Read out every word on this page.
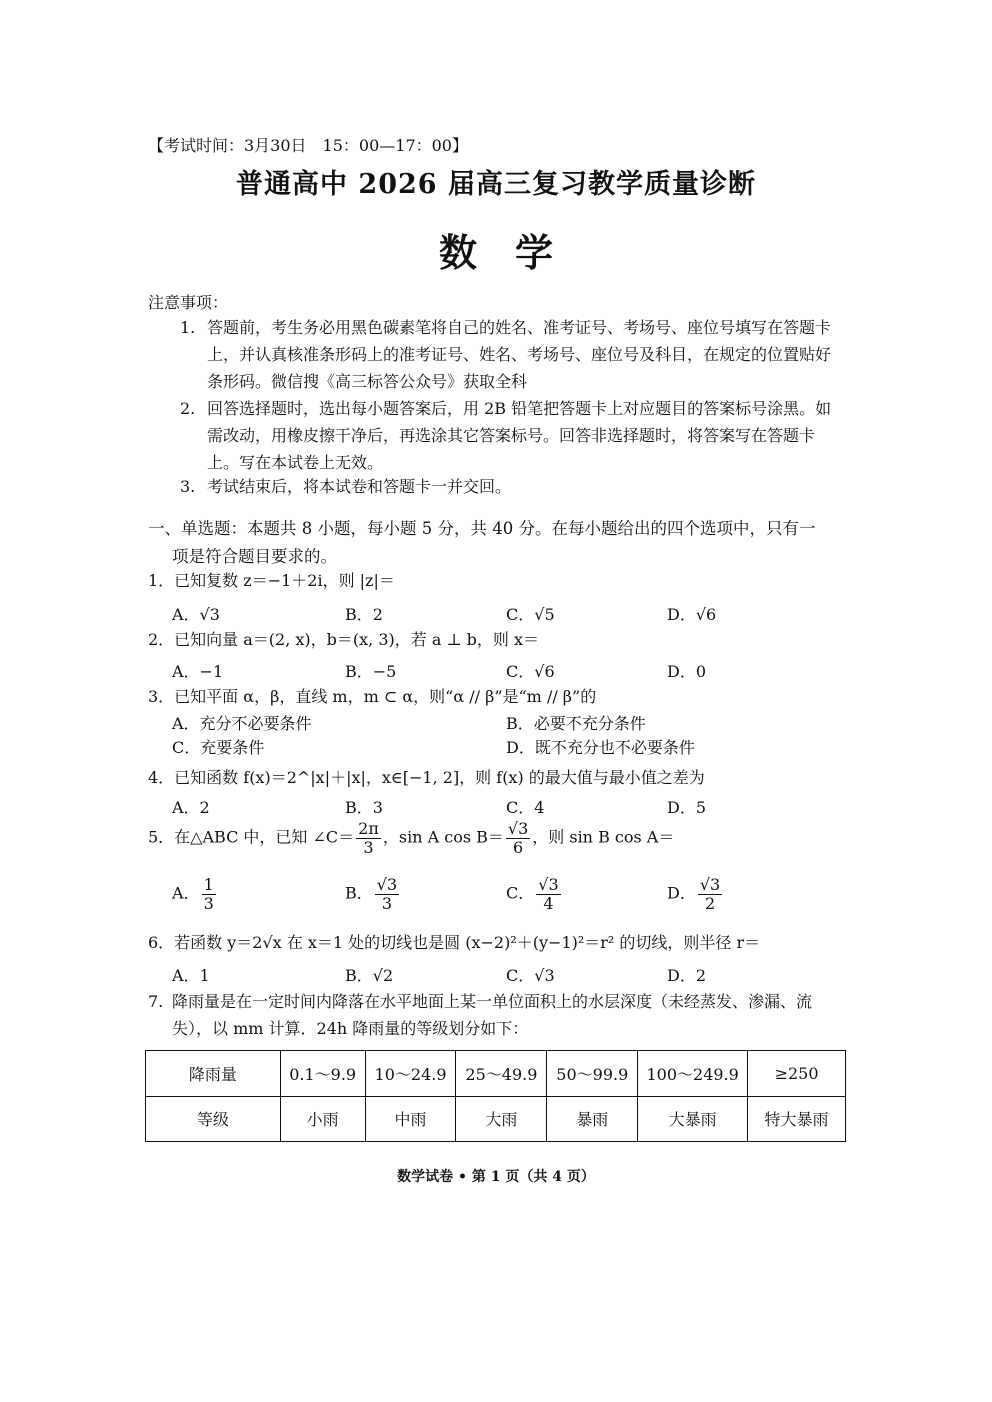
【考试时间：3月30日　15：00—17：00】
普通高中 2026 届高三复习教学质量诊断
数　学
注意事项：
1. 答题前，考生务必用黑色碳素笔将自己的姓名、准考证号、考场号、座位号填写在答题卡上，并认真核准条形码上的准考证号、姓名、考场号、座位号及科目，在规定的位置贴好条形码。微信搜《高三标答公众号》获取全科
2. 回答选择题时，选出每小题答案后，用 2B 铅笔把答题卡上对应题目的答案标号涂黑。如需改动，用橡皮擦干净后，再选涂其它答案标号。回答非选择题时，将答案写在答题卡上。写在本试卷上无效。
3. 考试结束后，将本试卷和答题卡一并交回。
一、单选题：本题共 8 小题，每小题 5 分，共 40 分。在每小题给出的四个选项中，只有一
项是符合题目要求的。
1．已知复数 z＝−1＋2i，则 |z|＝
A．√3	B．2	C．√5	D．√6
2．已知向量 a＝(2, x)，b＝(x, 3)，若 a ⊥ b，则 x＝
A．−1	B．−5	C．√6	D．0
3．已知平面 α，β，直线 m，m ⊂ α，则“α // β”是“m // β”的
A．充分不必要条件	B．必要不充分条件
C．充要条件	D．既不充分也不必要条件
4．已知函数 f(x)＝2^|x|＋|x|，x∈[−1, 2]，则 f(x) 的最大值与最小值之差为
A．2	B．3	C．4	D．5
5．在△ABC 中，已知 ∠C＝ $\frac{2\pi}{3}$ ，sin A $\cos B= \frac{√3}{6}$ ，则 sin B cos A＝
A． $\frac{1}{3}$	B． $\frac{√3}{3}$	C． $\frac{√3}{4}$	D． $\frac{√3}{2}$
6．若函数 y＝2√x 在 x＝1 处的切线也是圆 (x−2)²＋(y−1)²＝r² 的切线，则半径 r＝
A．1	B．√2	C．√3	D．2
7. 降雨量是在一定时间内降落在水平地面上某一单位面积上的水层深度（未经蒸发、渗漏、流失），以 mm 计算．24h 降雨量的等级划分如下：
降雨量	0.1～9.9	10～24.9	25～49.9	50～99.9	100～249.9	≥250
等级	小雨	中雨	大雨	暴雨	大暴雨	特大暴雨
数学试卷 • 第 1 页（共 4 页）
